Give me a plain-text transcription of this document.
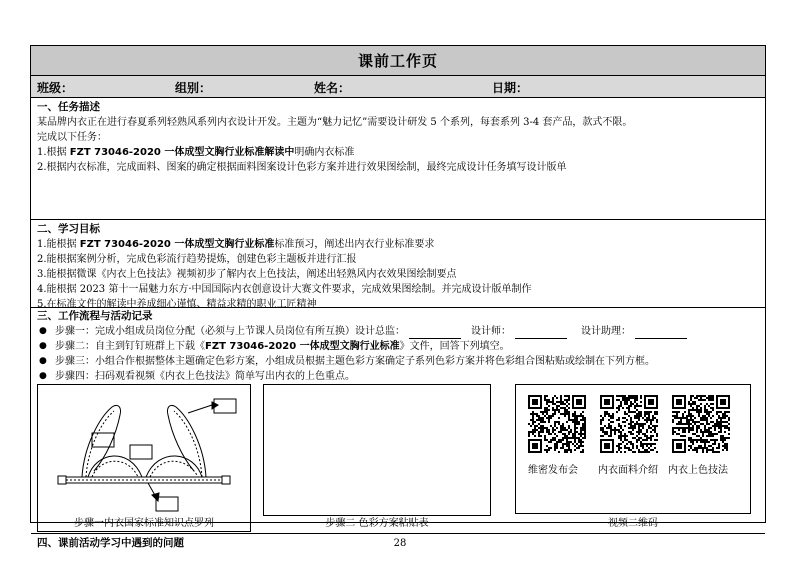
课前工作页
班级：	组别：	姓名：	日期：

一、任务描述

某品牌内衣正在进行春夏系列轻熟风系列内衣设计开发。主题为“魅力记忆”需要设计研发 5 个系列，每套系列 3-4 套产品，款式不限。

完成以下任务：

1.根据 FZT 73046-2020 一体成型文胸行业标准解读中明确内衣标准

2.根据内衣标准，完成面料、图案的确定根据面料图案设计色彩方案并进行效果图绘制，最终完成设计任务填写设计版单

二、学习目标

1.能根据 FZT 73046-2020 一体成型文胸行业标准标准预习，阐述出内衣行业标准要求

2.能根据案例分析，完成色彩流行趋势提炼，创建色彩主题板并进行汇报

3.能根据微课《内衣上色技法》视频初步了解内衣上色技法，阐述出轻熟风内衣效果图绘制要点

4.能根据 2023 第十一届魅力东方·中国国际内衣创意设计大赛文件要求，完成效果图绘制。并完成设计版单制作

5.在标准文件的解读中养成细心谨慎、精益求精的职业工匠精神

三、工作流程与活动记录

● 步骤一：完成小组成员岗位分配（必须与上节课人员岗位有所互换）设计总监：	设计师：	设计助理：

● 步骤二：自主到钉钉班群上下载《FZT 73046-2020 一体成型文胸行业标准》文件，回答下列填空。

● 步骤三：小组合作根据整体主题确定色彩方案，小组成员根据主题色彩方案确定子系列色彩方案并将色彩组合图粘贴或绘制在下列方框。

● 步骤四：扫码观看视频《内衣上色技法》简单写出内衣的上色重点。

步骤一内衣国家标准知识点罗列	步骤二 色彩方案粘贴表
维密发布会 内衣面料介绍 内衣上色技法
视频二维码

四、课前活动学习中遇到的问题	28
